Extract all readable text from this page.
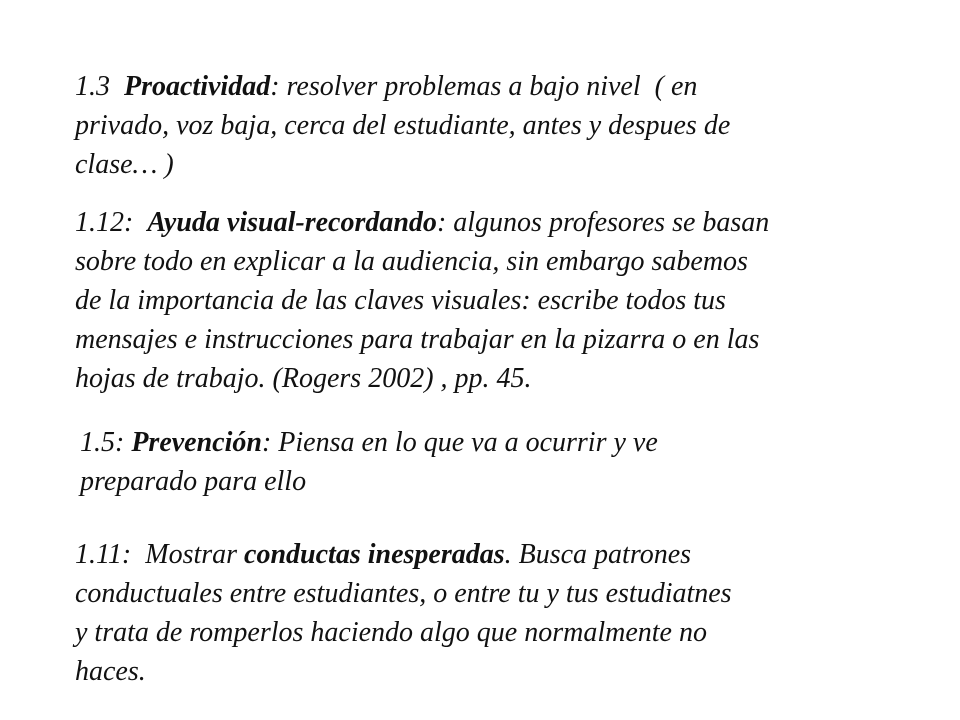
1.3  Proactividad: resolver problemas a bajo nivel  ( en
privado, voz baja, cerca del estudiante, antes y despues de
clase… )
1.12:  Ayuda visual-recordando: algunos profesores se basan
sobre todo en explicar a la audiencia, sin embargo sabemos
de la importancia de las claves visuales: escribe todos tus
mensajes e instrucciones para trabajar en la pizarra o en las
hojas de trabajo. (Rogers 2002) , pp. 45.
1.5: Prevención: Piensa en lo que va a ocurrir y ve
preparado para ello
1.11:  Mostrar conductas inesperadas. Busca patrones
conductuales entre estudiantes, o entre tu y tus estudiatnes
y trata de romperlos haciendo algo que normalmente no
haces.
